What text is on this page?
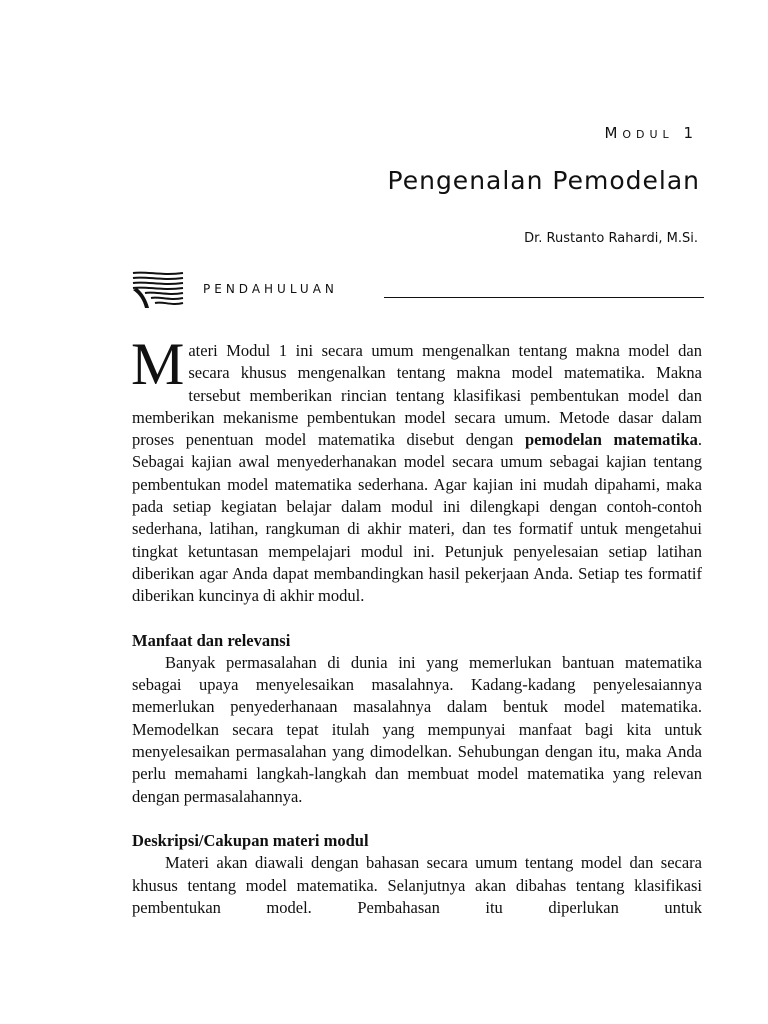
Modul 1
Pengenalan Pemodelan
Dr. Rustanto Rahardi, M.Si.
PENDAHULUAN

Materi Modul 1 ini secara umum mengenalkan tentang makna model dan secara khusus mengenalkan tentang makna model matematika. Makna tersebut memberikan rincian tentang klasifikasi pembentukan model dan memberikan mekanisme pembentukan model secara umum. Metode dasar dalam proses penentuan model matematika disebut dengan pemodelan matematika. Sebagai kajian awal menyederhanakan model secara umum sebagai kajian tentang pembentukan model matematika sederhana. Agar kajian ini mudah dipahami, maka pada setiap kegiatan belajar dalam modul ini dilengkapi dengan contoh-contoh sederhana, latihan, rangkuman di akhir materi, dan tes formatif untuk mengetahui tingkat ketuntasan mempelajari modul ini. Petunjuk penyelesaian setiap latihan diberikan agar Anda dapat membandingkan hasil pekerjaan Anda. Setiap tes formatif diberikan kuncinya di akhir modul.

Manfaat dan relevansi

Banyak permasalahan di dunia ini yang memerlukan bantuan matematika sebagai upaya menyelesaikan masalahnya. Kadang-kadang penyelesaiannya memerlukan penyederhanaan masalahnya dalam bentuk model matematika. Memodelkan secara tepat itulah yang mempunyai manfaat bagi kita untuk menyelesaikan permasalahan yang dimodelkan. Sehubungan dengan itu, maka Anda perlu memahami langkah-langkah dan membuat model matematika yang relevan dengan permasalahannya.

Deskripsi/Cakupan materi modul

Materi akan diawali dengan bahasan secara umum tentang model dan secara khusus tentang model matematika. Selanjutnya akan dibahas tentang klasifikasi pembentukan model. Pembahasan itu diperlukan untuk
